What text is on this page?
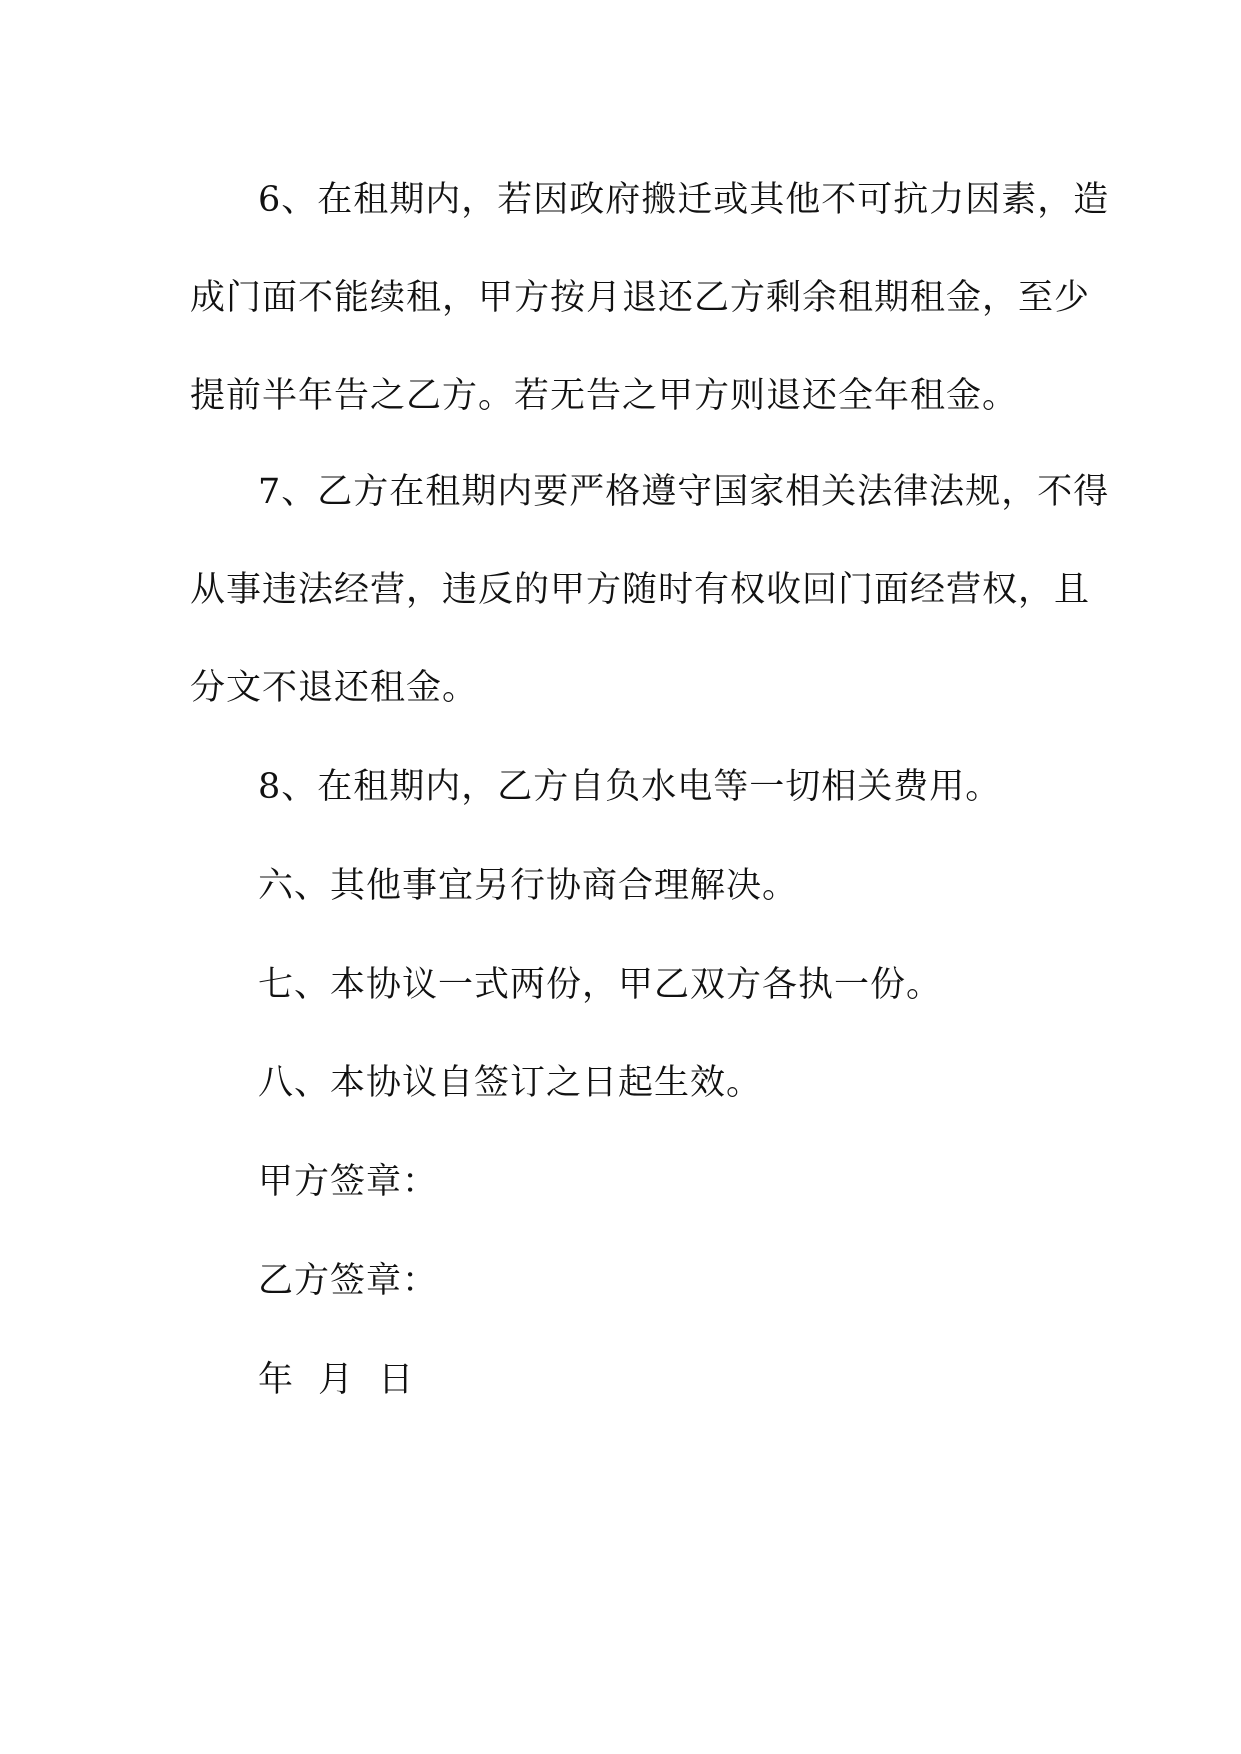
6、在租期内，若因政府搬迁或其他不可抗力因素，造
成门面不能续租，甲方按月退还乙方剩余租期租金，至少
提前半年告之乙方。若无告之甲方则退还全年租金。
7、乙方在租期内要严格遵守国家相关法律法规，不得
从事违法经营，违反的甲方随时有权收回门面经营权，且
分文不退还租金。
8、在租期内，乙方自负水电等一切相关费用。
六、其他事宜另行协商合理解决。
七、本协议一式两份，甲乙双方各执一份。
八、本协议自签订之日起生效。
甲方签章：
乙方签章：
年 月 日
